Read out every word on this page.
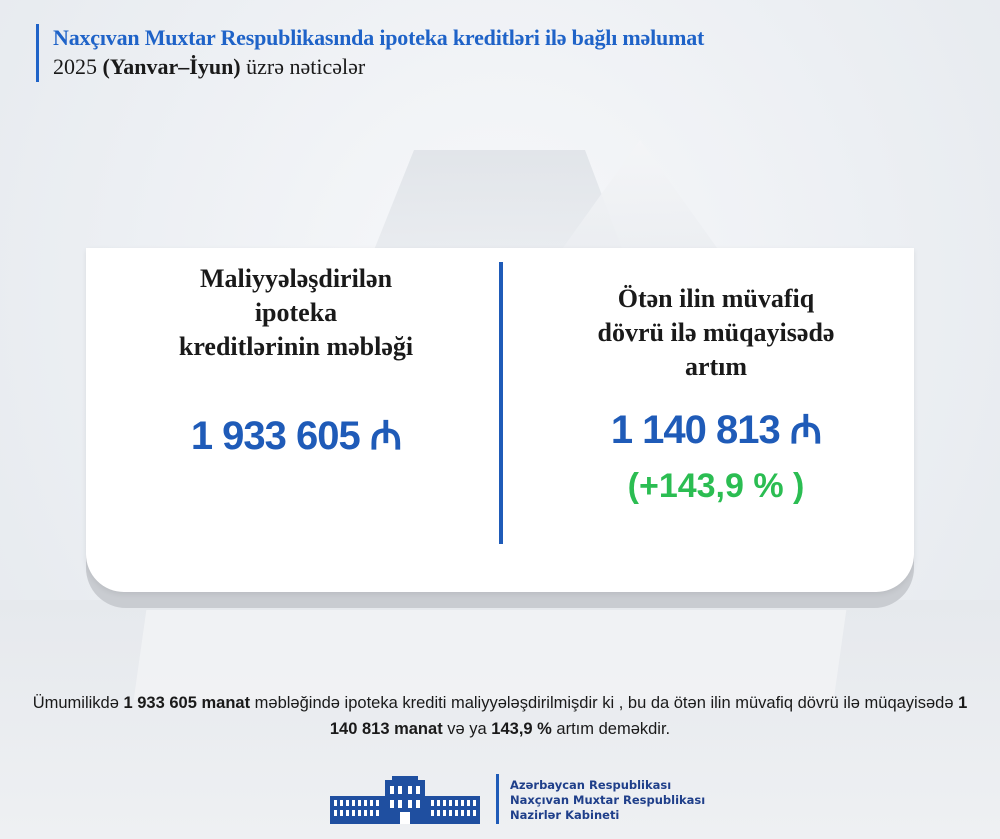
Naxçıvan Muxtar Respublikasında ipoteka kreditləri ilə bağlı məlumat
2025 (Yanvar–İyun) üzrə nəticələr
Maliyyələşdirilən
ipoteka
kreditlərinin məbləği
1 933 605 ₼
Ötən ilin müvafiq
dövrü ilə müqayisədə
artım
1 140 813 ₼
(+143,9 % )
Ümumilikdə 1 933 605 manat məbləğində ipoteka krediti maliyyələşdirilmişdir ki , bu da ötən ilin müvafiq dövrü ilə müqayisədə 1 140 813 manat və ya 143,9 % artım deməkdir.
Azərbaycan Respublikası
Naxçıvan Muxtar Respublikası
Nazirlər Kabineti
